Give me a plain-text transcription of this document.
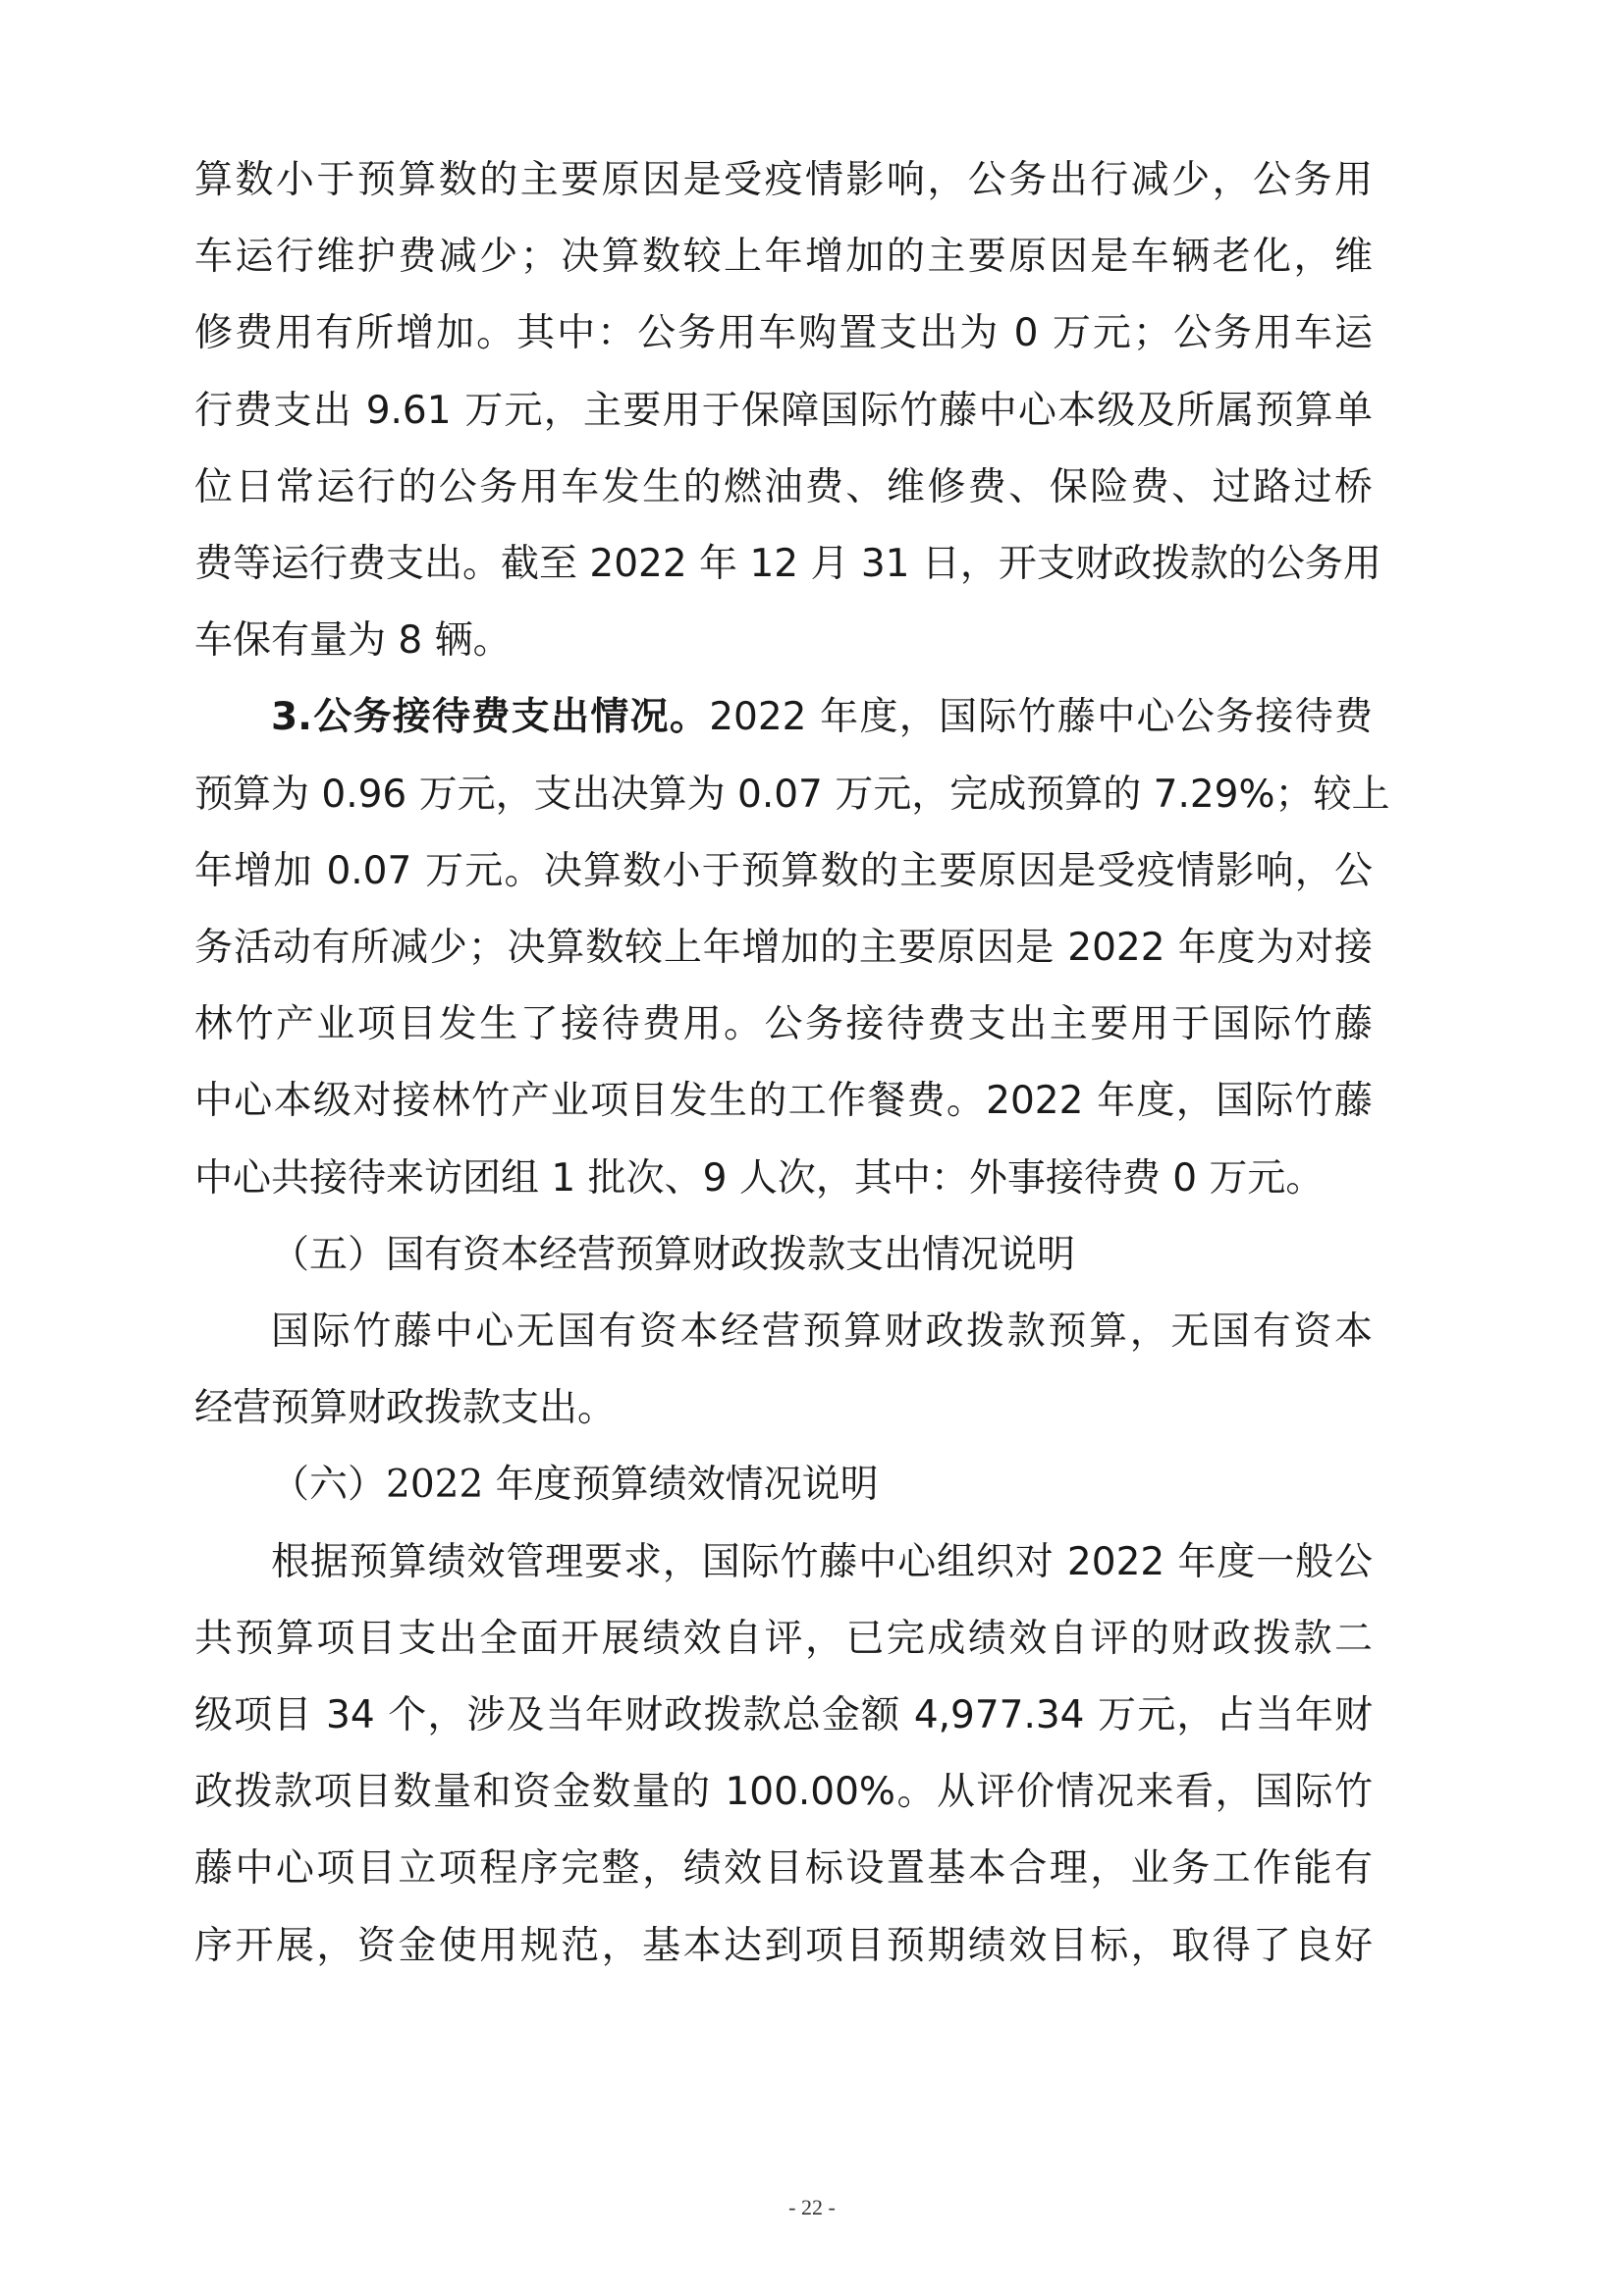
算数小于预算数的主要原因是受疫情影响，公务出行减少，公务用
车运行维护费减少；决算数较上年增加的主要原因是车辆老化，维
修费用有所增加。其中：公务用车购置支出为 0 万元；公务用车运
行费支出 9.61 万元，主要用于保障国际竹藤中心本级及所属预算单
位日常运行的公务用车发生的燃油费、维修费、保险费、过路过桥
费等运行费支出。截至 2022 年 12 月 31 日，开支财政拨款的公务用
车保有量为 8 辆。
3.公务接待费支出情况。2022 年度，国际竹藤中心公务接待费
预算为 0.96 万元，支出决算为 0.07 万元，完成预算的 7.29%；较上
年增加 0.07 万元。决算数小于预算数的主要原因是受疫情影响，公
务活动有所减少；决算数较上年增加的主要原因是 2022 年度为对接
林竹产业项目发生了接待费用。公务接待费支出主要用于国际竹藤
中心本级对接林竹产业项目发生的工作餐费。2022 年度，国际竹藤
中心共接待来访团组 1 批次、9 人次，其中：外事接待费 0 万元。
（五）国有资本经营预算财政拨款支出情况说明
国际竹藤中心无国有资本经营预算财政拨款预算，无国有资本
经营预算财政拨款支出。
（六）2022 年度预算绩效情况说明
根据预算绩效管理要求，国际竹藤中心组织对 2022 年度一般公
共预算项目支出全面开展绩效自评，已完成绩效自评的财政拨款二
级项目 34 个，涉及当年财政拨款总金额 4,977.34 万元，占当年财
政拨款项目数量和资金数量的 100.00%。从评价情况来看，国际竹
藤中心项目立项程序完整，绩效目标设置基本合理，业务工作能有
序开展，资金使用规范，基本达到项目预期绩效目标，取得了良好
- 22 -
